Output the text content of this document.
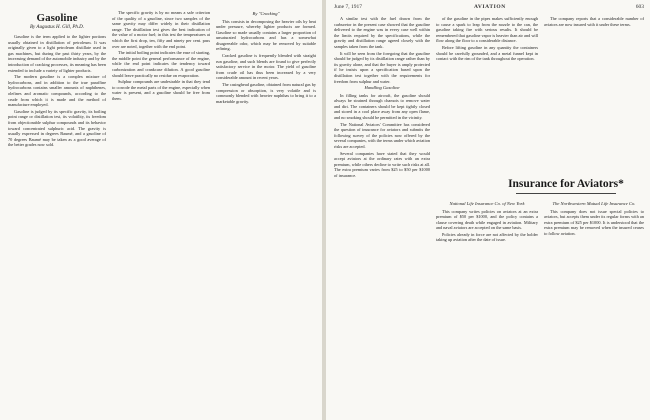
Gasoline
By Augustus H. Gill, Ph.D.

Gasoline is the term applied to the lighter portions usually obtained in distillation of petroleum. It was originally given to a light petroleum distillate used in gas machines, but during the past thirty years, by the increasing demand of the automobile industry and by the introduction of cracking processes, its meaning has been extended to include a variety of lighter products.

The modern gasoline is a complex mixture of hydrocarbons, and in addition to the true paraffine hydrocarbons contains smaller amounts of naphthenes, olefines and aromatic compounds, according to the crude from which it is made and the method of manufacture employed.

Gasoline is judged by its specific gravity, its boiling point range or distillation test, its volatility, its freedom from objectionable sulphur compounds and its behavior toward concentrated sulphuric acid. The gravity is usually expressed in degrees Baumé, and a gasoline of 70 degrees Baumé may be taken as a good average of the better grades now sold.

The specific gravity is by no means a safe criterion of the quality of a gasoline, since two samples of the same gravity may differ widely in their distillation range. The distillation test gives the best indication of the value of a motor fuel; in this test the temperatures at which the first drop, ten, fifty and ninety per cent. pass over are noted, together with the end point.

The initial boiling point indicates the ease of starting, the middle point the general performance of the engine, while the end point indicates the tendency toward carbonization and crankcase dilution. A good gasoline should leave practically no residue on evaporation.

Sulphur compounds are undesirable in that they tend to corrode the metal parts of the engine, especially when water is present, and a gasoline should be free from them.

By "Cracking"

This consists in decomposing the heavier oils by heat under pressure, whereby lighter products are formed. Gasoline so made usually contains a larger proportion of unsaturated hydrocarbons and has a somewhat disagreeable odor, which may be removed by suitable refining.

Cracked gasoline is frequently blended with straight run gasoline, and such blends are found to give perfectly satisfactory service in the motor. The yield of gasoline from crude oil has thus been increased by a very considerable amount in recent years.

The casinghead gasoline, obtained from natural gas by compression or absorption, is very volatile and is commonly blended with heavier naphthas to bring it to a marketable gravity.

June 7, 1917	AVIATION	603

A similar test with the fuel drawn from the carburetor in the present case showed that the gasoline delivered to the engine was in every case well within the limits required by the specifications, while the gravity and distillation range agreed closely with the samples taken from the tank.

It will be seen from the foregoing that the gasoline should be judged by its distillation range rather than by its gravity alone, and that the buyer is amply protected if he insists upon a specification based upon the distillation test together with the requirements for freedom from sulphur and water.

Handling Gasoline

In filling tanks for aircraft, the gasoline should always be strained through chamois to remove water and dirt. The containers should be kept tightly closed and stored in a cool place away from any open flame, and no smoking should be permitted in the vicinity.

The National Aviators' Committee has considered the question of insurance for aviators and submits the following survey of the policies now offered by the several companies, with the terms under which aviation risks are accepted.

Several companies have stated that they would accept aviators at the ordinary rates with an extra premium, while others decline to write such risks at all. The extra premium varies from $25 to $50 per $1000 of insurance.

of the gasoline in the pipes makes sufficiently enough to cause a spark to leap from the nozzle to the can, the gasoline taking fire with serious results. It should be remembered that gasoline vapor is heavier than air and will flow along the floor to a considerable distance.

Before lifting gasoline in any quantity the containers should be carefully grounded, and a metal funnel kept in contact with the rim of the tank throughout the operation.

The company reports that a considerable number of aviators are now insured with it under these terms.

Insurance for Aviators*
National Life Insurance Co. of New York

This company writes policies on aviators at an extra premium of $50 per $1000, and the policy contains a clause covering death while engaged in aviation. Military and naval aviators are accepted on the same basis.

Policies already in force are not affected by the holder taking up aviation after the date of issue.

The Northwestern Mutual Life Insurance Co.

This company does not issue special policies to aviators, but accepts them under its regular forms with an extra premium of $25 per $1000. It is understood that the extra premium may be removed when the insured ceases to follow aviation.
